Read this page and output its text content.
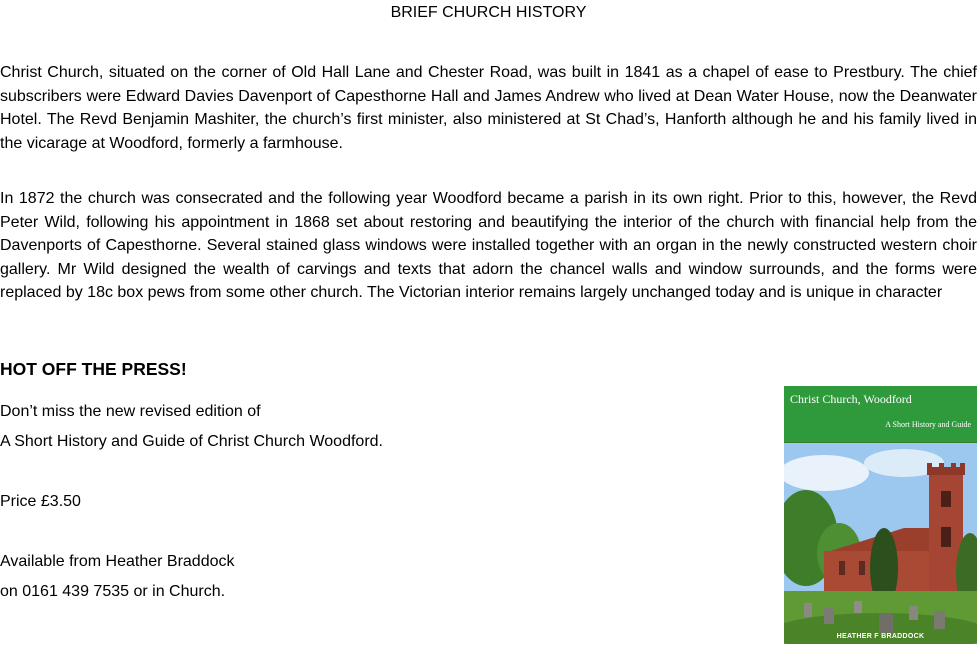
BRIEF CHURCH HISTORY

Christ Church, situated on the corner of Old Hall Lane and Chester Road, was built in 1841 as a chapel of ease to Prestbury. The chief subscribers were Edward Davies Davenport of Capesthorne Hall and James Andrew who lived at Dean Water House, now the Deanwater Hotel. The Revd Benjamin Mashiter, the church’s first minister, also ministered at St Chad’s, Hanforth although he and his family lived in the vicarage at Woodford, formerly a farmhouse.

In 1872 the church was consecrated and the following year Woodford became a parish in its own right. Prior to this, however, the Revd Peter Wild, following his appointment in 1868 set about restoring and beautifying the interior of the church with financial help from the Davenports of Capesthorne. Several stained glass windows were installed together with an organ in the newly constructed western choir gallery. Mr Wild designed the wealth of carvings and texts that adorn the chancel walls and window surrounds, and the forms were replaced by 18c box pews from some other church. The Victorian interior remains largely unchanged today and is unique in character

HOT OFF THE PRESS!
Don’t miss the new revised edition of
A Short History and Guide of Christ Church Woodford.
Price £3.50
Available from Heather Braddock
on 0161 439 7535 or in Church.
Christ Church, Woodford
A Short History and Guide
HEATHER F BRADDOCK
